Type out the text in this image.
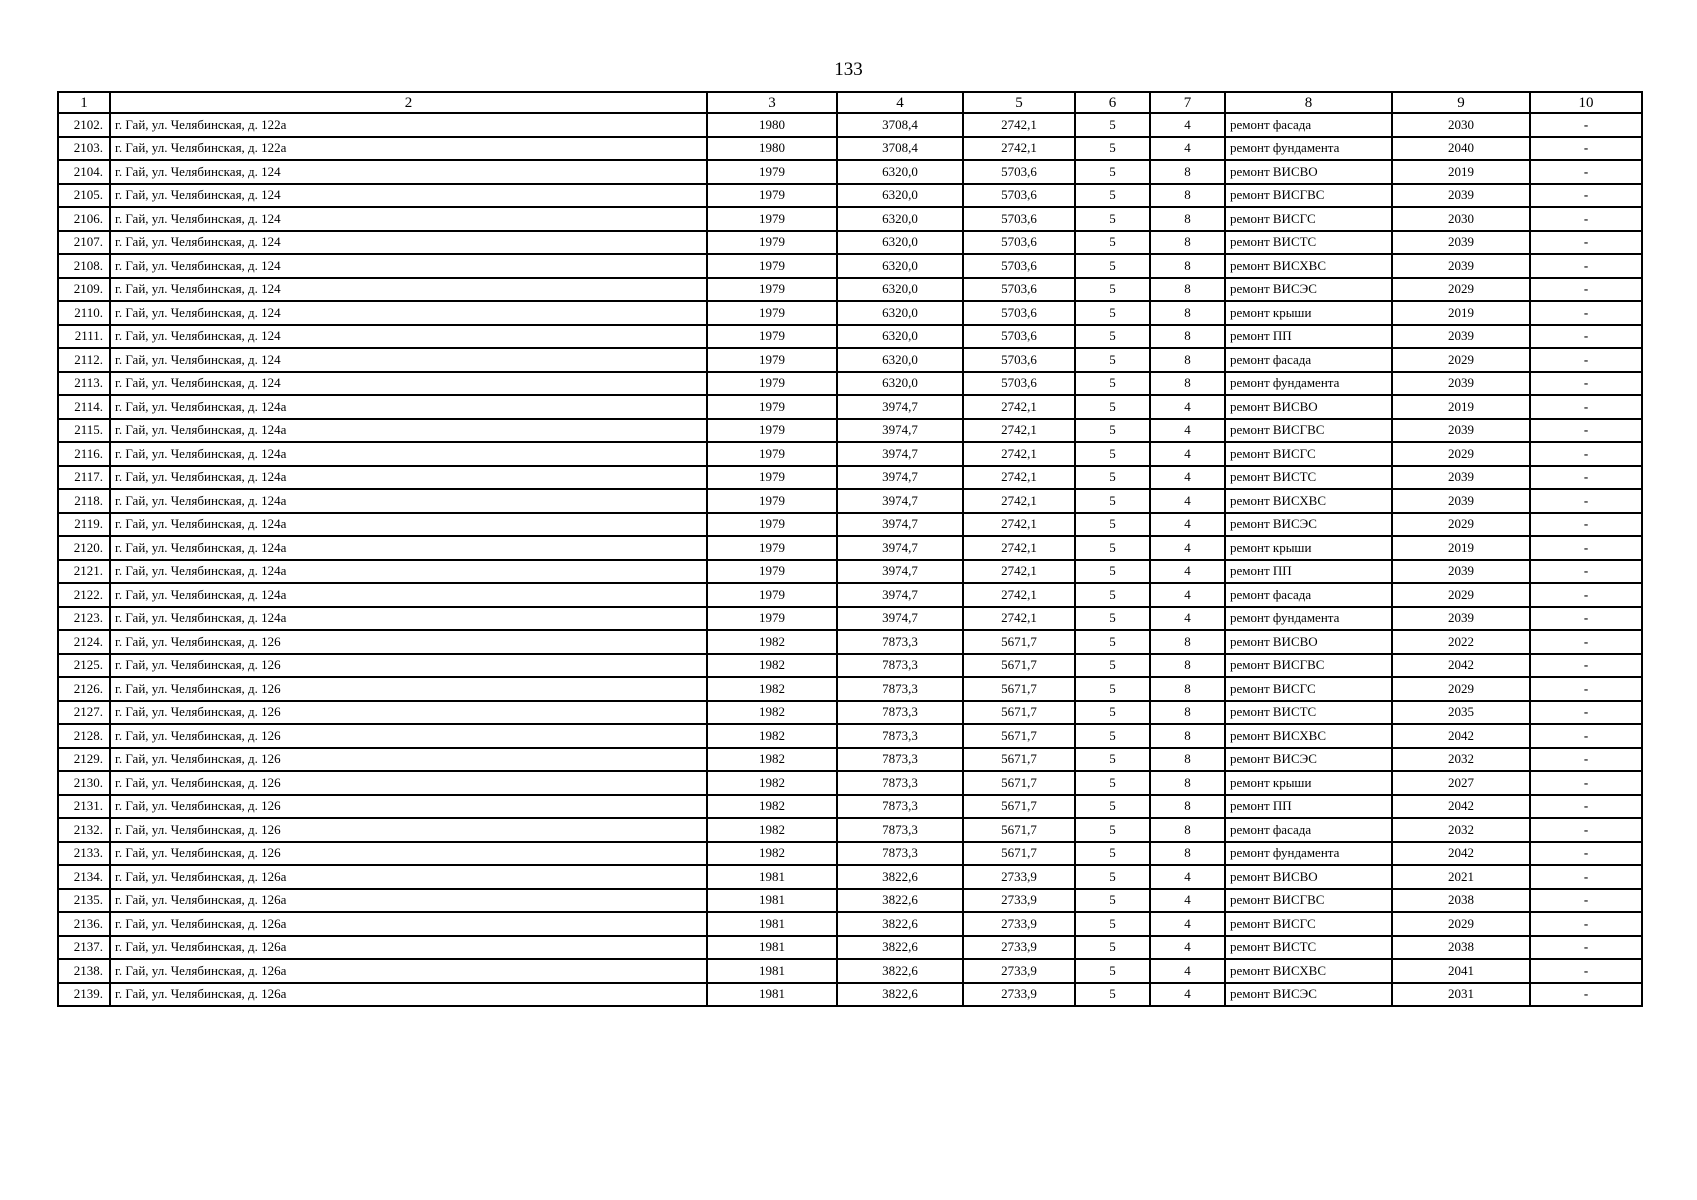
133
1	2	3	4	5	6	7	8	9	10
2102.	г. Гай, ул. Челябинская, д. 122а	1980	3708,4	2742,1	5	4	ремонт фасада	2030	-
2103.	г. Гай, ул. Челябинская, д. 122а	1980	3708,4	2742,1	5	4	ремонт фундамента	2040	-
2104.	г. Гай, ул. Челябинская, д. 124	1979	6320,0	5703,6	5	8	ремонт ВИСВО	2019	-
2105.	г. Гай, ул. Челябинская, д. 124	1979	6320,0	5703,6	5	8	ремонт ВИСГВС	2039	-
2106.	г. Гай, ул. Челябинская, д. 124	1979	6320,0	5703,6	5	8	ремонт ВИСГС	2030	-
2107.	г. Гай, ул. Челябинская, д. 124	1979	6320,0	5703,6	5	8	ремонт ВИСТС	2039	-
2108.	г. Гай, ул. Челябинская, д. 124	1979	6320,0	5703,6	5	8	ремонт ВИСХВС	2039	-
2109.	г. Гай, ул. Челябинская, д. 124	1979	6320,0	5703,6	5	8	ремонт ВИСЭС	2029	-
2110.	г. Гай, ул. Челябинская, д. 124	1979	6320,0	5703,6	5	8	ремонт крыши	2019	-
2111.	г. Гай, ул. Челябинская, д. 124	1979	6320,0	5703,6	5	8	ремонт ПП	2039	-
2112.	г. Гай, ул. Челябинская, д. 124	1979	6320,0	5703,6	5	8	ремонт фасада	2029	-
2113.	г. Гай, ул. Челябинская, д. 124	1979	6320,0	5703,6	5	8	ремонт фундамента	2039	-
2114.	г. Гай, ул. Челябинская, д. 124а	1979	3974,7	2742,1	5	4	ремонт ВИСВО	2019	-
2115.	г. Гай, ул. Челябинская, д. 124а	1979	3974,7	2742,1	5	4	ремонт ВИСГВС	2039	-
2116.	г. Гай, ул. Челябинская, д. 124а	1979	3974,7	2742,1	5	4	ремонт ВИСГС	2029	-
2117.	г. Гай, ул. Челябинская, д. 124а	1979	3974,7	2742,1	5	4	ремонт ВИСТС	2039	-
2118.	г. Гай, ул. Челябинская, д. 124а	1979	3974,7	2742,1	5	4	ремонт ВИСХВС	2039	-
2119.	г. Гай, ул. Челябинская, д. 124а	1979	3974,7	2742,1	5	4	ремонт ВИСЭС	2029	-
2120.	г. Гай, ул. Челябинская, д. 124а	1979	3974,7	2742,1	5	4	ремонт крыши	2019	-
2121.	г. Гай, ул. Челябинская, д. 124а	1979	3974,7	2742,1	5	4	ремонт ПП	2039	-
2122.	г. Гай, ул. Челябинская, д. 124а	1979	3974,7	2742,1	5	4	ремонт фасада	2029	-
2123.	г. Гай, ул. Челябинская, д. 124а	1979	3974,7	2742,1	5	4	ремонт фундамента	2039	-
2124.	г. Гай, ул. Челябинская, д. 126	1982	7873,3	5671,7	5	8	ремонт ВИСВО	2022	-
2125.	г. Гай, ул. Челябинская, д. 126	1982	7873,3	5671,7	5	8	ремонт ВИСГВС	2042	-
2126.	г. Гай, ул. Челябинская, д. 126	1982	7873,3	5671,7	5	8	ремонт ВИСГС	2029	-
2127.	г. Гай, ул. Челябинская, д. 126	1982	7873,3	5671,7	5	8	ремонт ВИСТС	2035	-
2128.	г. Гай, ул. Челябинская, д. 126	1982	7873,3	5671,7	5	8	ремонт ВИСХВС	2042	-
2129.	г. Гай, ул. Челябинская, д. 126	1982	7873,3	5671,7	5	8	ремонт ВИСЭС	2032	-
2130.	г. Гай, ул. Челябинская, д. 126	1982	7873,3	5671,7	5	8	ремонт крыши	2027	-
2131.	г. Гай, ул. Челябинская, д. 126	1982	7873,3	5671,7	5	8	ремонт ПП	2042	-
2132.	г. Гай, ул. Челябинская, д. 126	1982	7873,3	5671,7	5	8	ремонт фасада	2032	-
2133.	г. Гай, ул. Челябинская, д. 126	1982	7873,3	5671,7	5	8	ремонт фундамента	2042	-
2134.	г. Гай, ул. Челябинская, д. 126а	1981	3822,6	2733,9	5	4	ремонт ВИСВО	2021	-
2135.	г. Гай, ул. Челябинская, д. 126а	1981	3822,6	2733,9	5	4	ремонт ВИСГВС	2038	-
2136.	г. Гай, ул. Челябинская, д. 126а	1981	3822,6	2733,9	5	4	ремонт ВИСГС	2029	-
2137.	г. Гай, ул. Челябинская, д. 126а	1981	3822,6	2733,9	5	4	ремонт ВИСТС	2038	-
2138.	г. Гай, ул. Челябинская, д. 126а	1981	3822,6	2733,9	5	4	ремонт ВИСХВС	2041	-
2139.	г. Гай, ул. Челябинская, д. 126а	1981	3822,6	2733,9	5	4	ремонт ВИСЭС	2031	-
